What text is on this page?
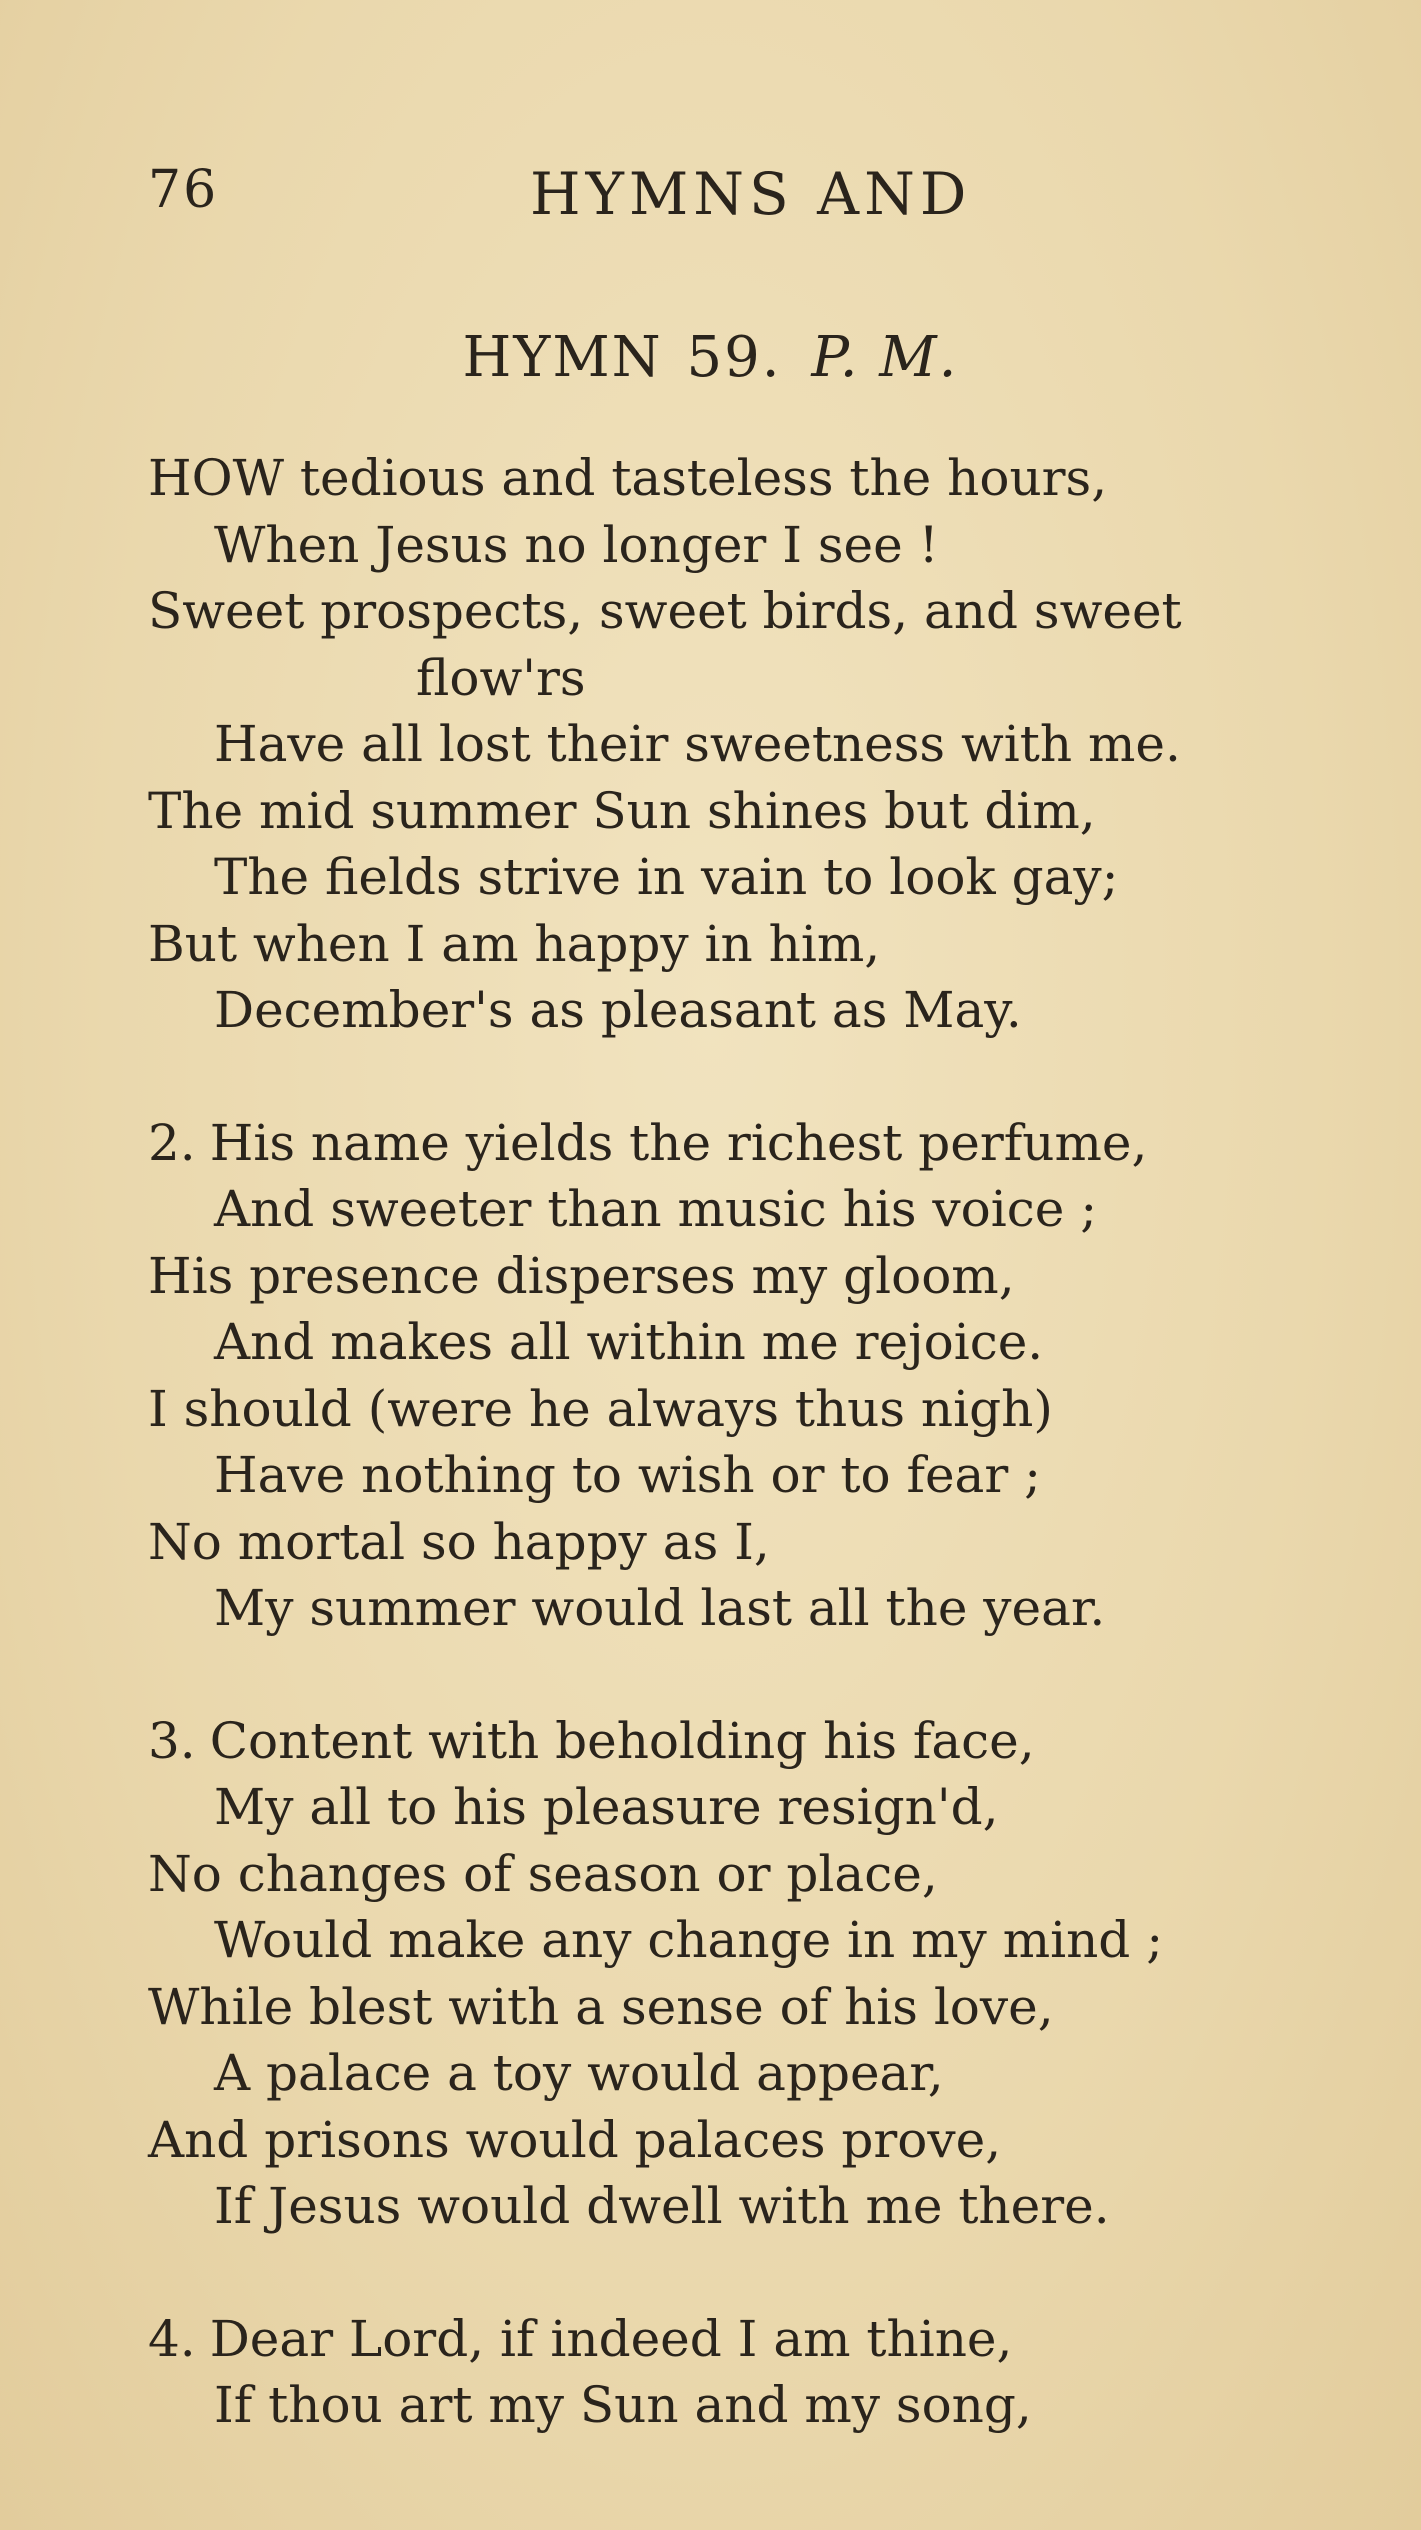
76	HYMNS AND
HYMN 59. P. M.
HOW tedious and tasteless the hours,
When Jesus no longer I see !
Sweet prospects, sweet birds, and sweet
flow'rs
Have all lost their sweetness with me.
The mid summer Sun shines but dim,
The fields strive in vain to look gay;
But when I am happy in him,
December's as pleasant as May.
2. His name yields the richest perfume,
And sweeter than music his voice ;
His presence disperses my gloom,
And makes all within me rejoice.
I should (were he always thus nigh)
Have nothing to wish or to fear ;
No mortal so happy as I,
My summer would last all the year.
3. Content with beholding his face,
My all to his pleasure resign'd,
No changes of season or place,
Would make any change in my mind ;
While blest with a sense of his love,
A palace a toy would appear,
And prisons would palaces prove,
If Jesus would dwell with me there.
4. Dear Lord, if indeed I am thine,
If thou art my Sun and my song,
